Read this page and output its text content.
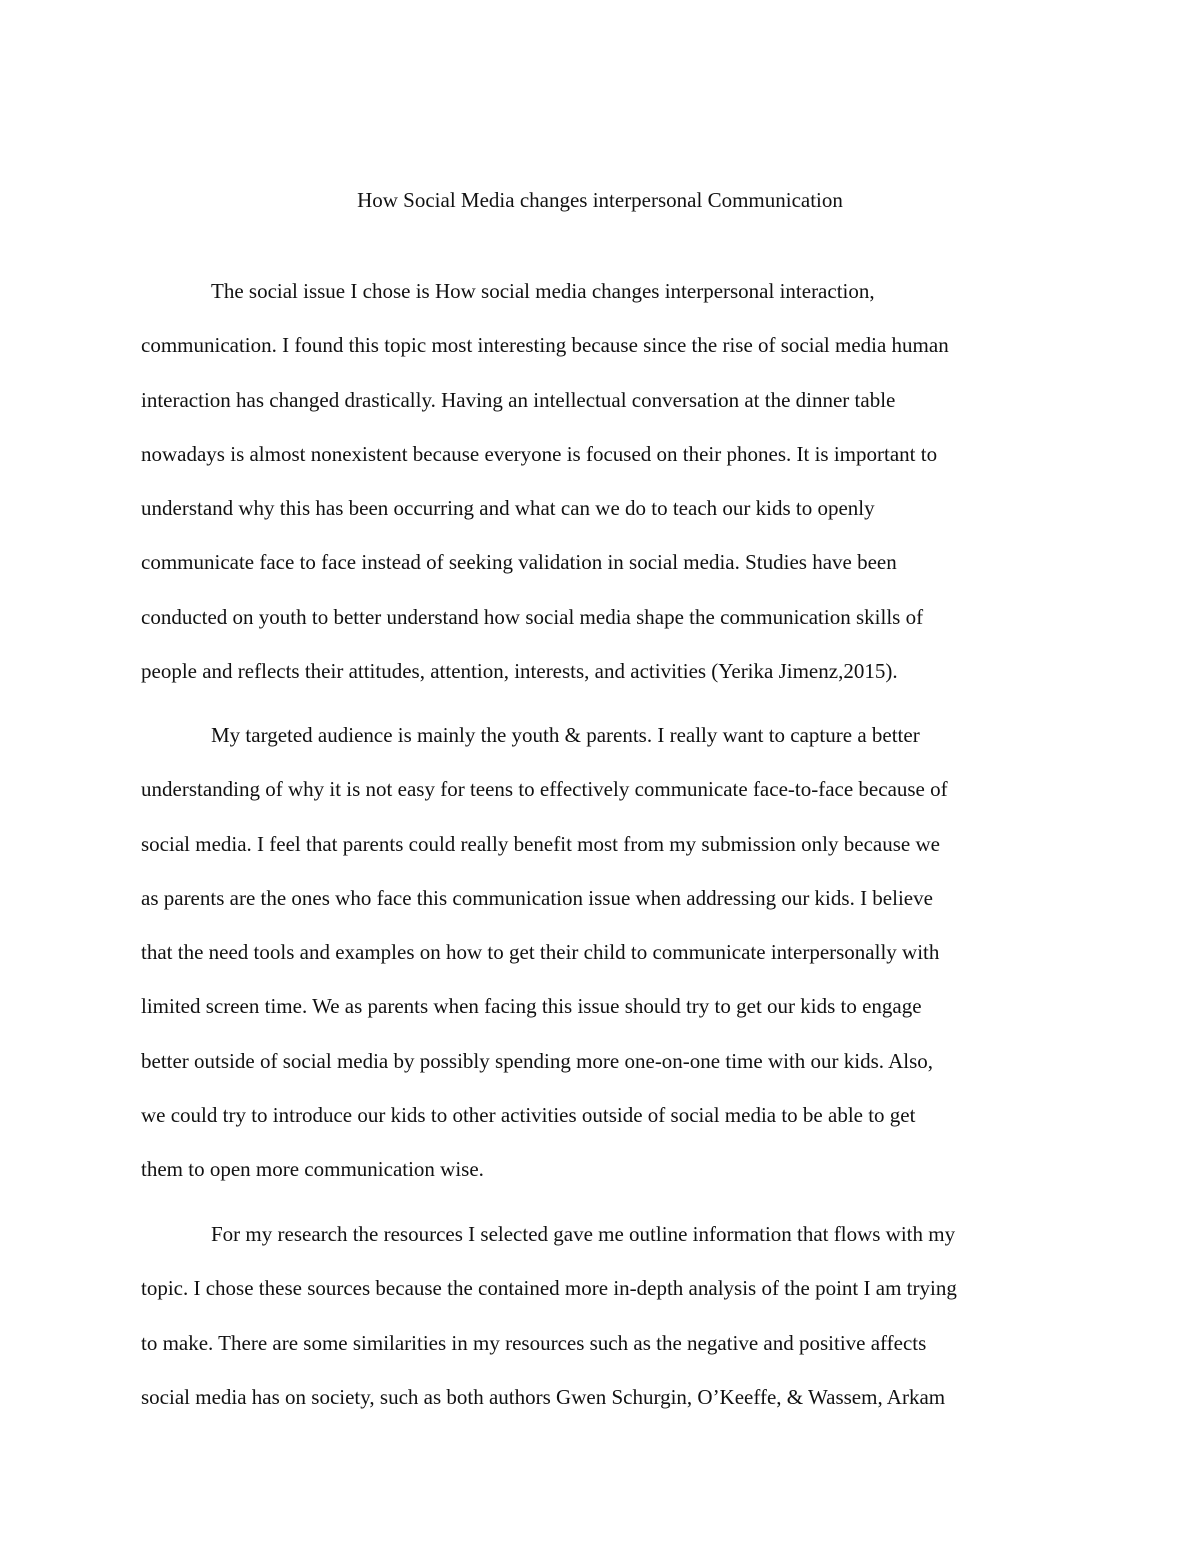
How Social Media changes interpersonal Communication
The social issue I chose is How social media changes interpersonal interaction,
communication. I found this topic most interesting because since the rise of social media human
interaction has changed drastically. Having an intellectual conversation at the dinner table
nowadays is almost nonexistent because everyone is focused on their phones. It is important to
understand why this has been occurring and what can we do to teach our kids to openly
communicate face to face instead of seeking validation in social media. Studies have been
conducted on youth to better understand how social media shape the communication skills of
people and reflects their attitudes, attention, interests, and activities (Yerika Jimenz,2015).
My targeted audience is mainly the youth & parents. I really want to capture a better
understanding of why it is not easy for teens to effectively communicate face-to-face because of
social media. I feel that parents could really benefit most from my submission only because we
as parents are the ones who face this communication issue when addressing our kids. I believe
that the need tools and examples on how to get their child to communicate interpersonally with
limited screen time. We as parents when facing this issue should try to get our kids to engage
better outside of social media by possibly spending more one-on-one time with our kids. Also,
we could try to introduce our kids to other activities outside of social media to be able to get
them to open more communication wise.
For my research the resources I selected gave me outline information that flows with my
topic. I chose these sources because the contained more in-depth analysis of the point I am trying
to make. There are some similarities in my resources such as the negative and positive affects
social media has on society, such as both authors Gwen Schurgin, O’Keeffe, & Wassem, Arkam
